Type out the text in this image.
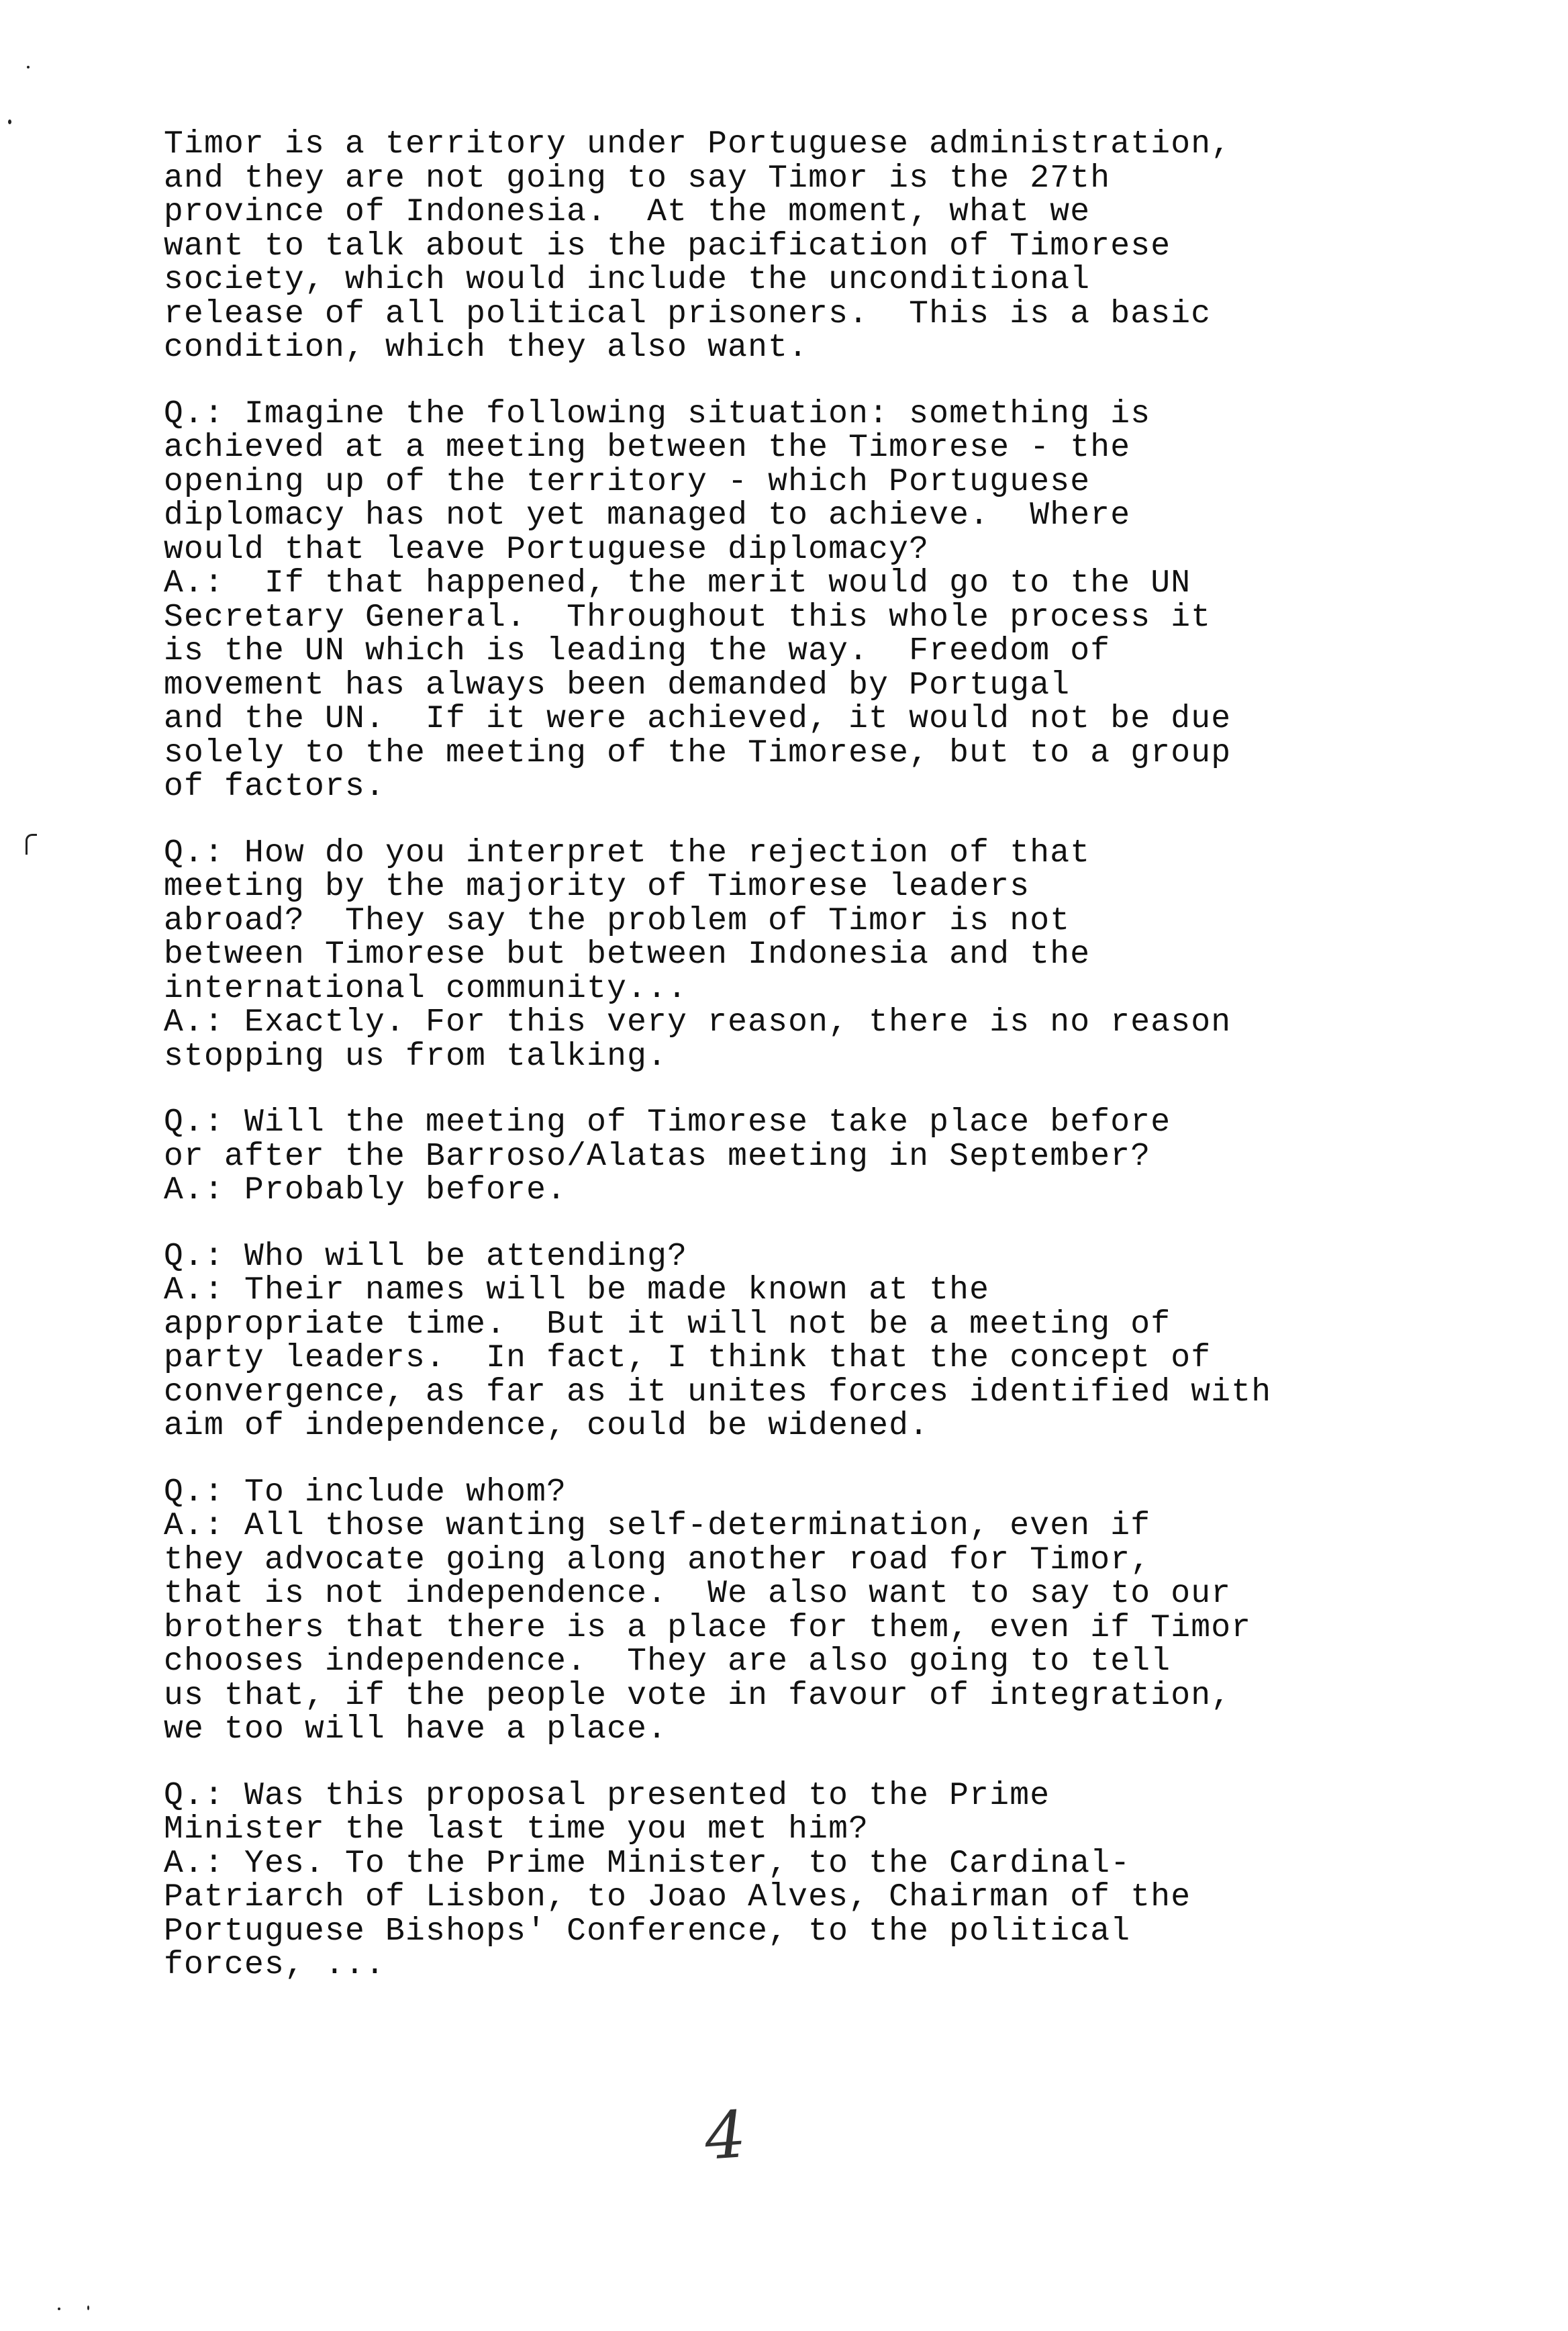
Timor is a territory under Portuguese administration,
and they are not going to say Timor is the 27th
province of Indonesia.  At the moment, what we
want to talk about is the pacification of Timorese
society, which would include the unconditional
release of all political prisoners.  This is a basic
condition, which they also want.
Q.: Imagine the following situation: something is
achieved at a meeting between the Timorese - the
opening up of the territory - which Portuguese
diplomacy has not yet managed to achieve.  Where
would that leave Portuguese diplomacy?
A.:  If that happened, the merit would go to the UN
Secretary General.  Throughout this whole process it
is the UN which is leading the way.  Freedom of
movement has always been demanded by Portugal
and the UN.  If it were achieved, it would not be due
solely to the meeting of the Timorese, but to a group
of factors.
Q.: How do you interpret the rejection of that
meeting by the majority of Timorese leaders
abroad?  They say the problem of Timor is not
between Timorese but between Indonesia and the
international community...
A.: Exactly. For this very reason, there is no reason
stopping us from talking.
Q.: Will the meeting of Timorese take place before
or after the Barroso/Alatas meeting in September?
A.: Probably before.
Q.: Who will be attending?
A.: Their names will be made known at the
appropriate time.  But it will not be a meeting of
party leaders.  In fact, I think that the concept of
convergence, as far as it unites forces identified with
aim of independence, could be widened.
Q.: To include whom?
A.: All those wanting self-determination, even if
they advocate going along another road for Timor,
that is not independence.  We also want to say to our
brothers that there is a place for them, even if Timor
chooses independence.  They are also going to tell
us that, if the people vote in favour of integration,
we too will have a place.
Q.: Was this proposal presented to the Prime
Minister the last time you met him?
A.: Yes. To the Prime Minister, to the Cardinal-
Patriarch of Lisbon, to Joao Alves, Chairman of the
Portuguese Bishops' Conference, to the political
forces, ...
4
